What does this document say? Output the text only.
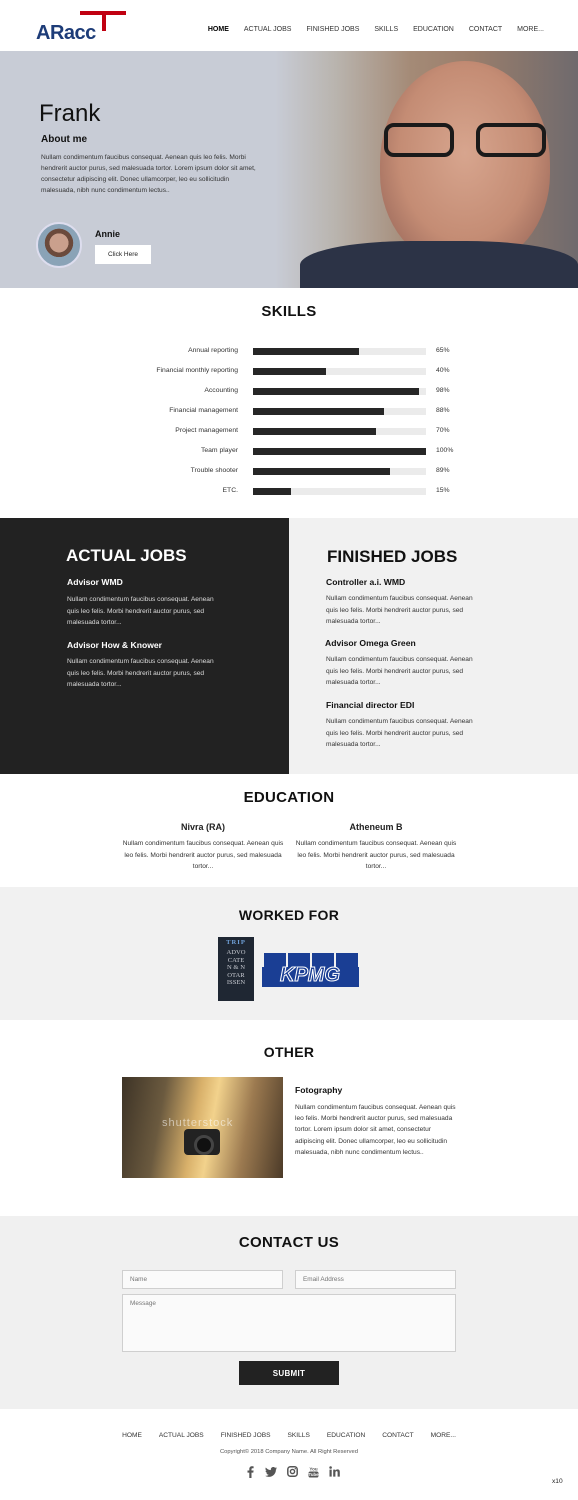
ARacc	HOME ACTUAL JOBS FINISHED JOBS SKILLS EDUCATION CONTACT MORE...
Frank
About me
Nullam condimentum faucibus consequat. Aenean quis leo felis. Morbi hendrerit auctor purus, sed malesuada tortor. Lorem ipsum dolor sit amet, consectetur adipiscing elit. Donec ullamcorper, leo eu sollicitudin malesuada, nibh nunc condimentum lectus..
Annie
Click Here
SKILLS
Annual reporting	65%
Financial monthly reporting	40%
Accounting	98%
Financial management	88%
Project management	70%
Team player	100%
Trouble shooter	89%
ETC.	15%
ACTUAL JOBS
Advisor WMD
Nullam condimentum faucibus consequat. Aenean quis leo felis. Morbi hendrerit auctor purus, sed malesuada tortor...
Advisor How & Knower
Nullam condimentum faucibus consequat. Aenean quis leo felis. Morbi hendrerit auctor purus, sed malesuada tortor...
FINISHED JOBS
Controller a.i. WMD
Nullam condimentum faucibus consequat. Aenean quis leo felis. Morbi hendrerit auctor purus, sed malesuada tortor...
Advisor Omega Green
Nullam condimentum faucibus consequat. Aenean quis leo felis. Morbi hendrerit auctor purus, sed malesuada tortor...
Financial director EDI
Nullam condimentum faucibus consequat. Aenean quis leo felis. Morbi hendrerit auctor purus, sed malesuada tortor...
EDUCATION
Nivra (RA)
Nullam condimentum faucibus consequat. Aenean quis leo felis. Morbi hendrerit auctor purus, sed malesuada tortor...
Atheneum B
Nullam condimentum faucibus consequat. Aenean quis leo felis. Morbi hendrerit auctor purus, sed malesuada tortor...
WORKED FOR
TRIP
ADVO
CATE
N & N
OTAR
ISSEN	KPMG
OTHER
shutterstock
Fotography
Nullam condimentum faucibus consequat. Aenean quis leo felis. Morbi hendrerit auctor purus, sed malesuada tortor. Lorem ipsum dolor sit amet, consectetur adipiscing elit. Donec ullamcorper, leo eu sollicitudin malesuada, nibh nunc condimentum lectus..
CONTACT US
Name
Email Address
Message
SUBMIT
HOME	ACTUAL JOBS	FINISHED JOBS	SKILLS	EDUCATION	CONTACT	MORE...
Copyright© 2018 Company Name. All Right Reserved
You
Tube
x10
